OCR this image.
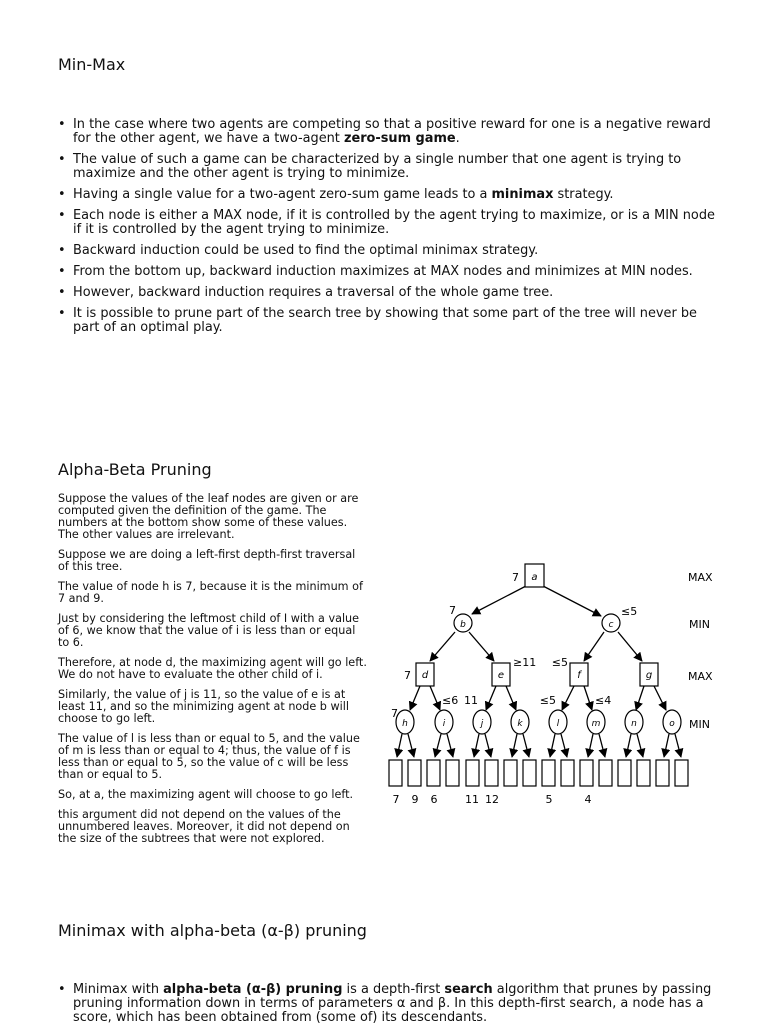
Min-Max
• In the case where two agents are competing so that a positive reward for one is a negative reward for the other agent, we have a two-agent zero-sum game.
• The value of such a game can be characterized by a single number that one agent is trying to maximize and the other agent is trying to minimize.
• Having a single value for a two-agent zero-sum game leads to a minimax strategy.
• Each node is either a MAX node, if it is controlled by the agent trying to maximize, or is a MIN node if it is controlled by the agent trying to minimize.
• Backward induction could be used to find the optimal minimax strategy.
• From the bottom up, backward induction maximizes at MAX nodes and minimizes at MIN nodes.
• However, backward induction requires a traversal of the whole game tree.
• It is possible to prune part of the search tree by showing that some part of the tree will never be part of an optimal play.
Alpha-Beta Pruning

Suppose the values of the leaf nodes are given or are computed given the definition of the game. The numbers at the bottom show some of these values. The other values are irrelevant.

Suppose we are doing a left-first depth-first traversal of this tree.

The value of node h is 7, because it is the minimum of 7 and 9.

Just by considering the leftmost child of I with a value of 6, we know that the value of i is less than or equal to 6.

Therefore, at node d, the maximizing agent will go left. We do not have to evaluate the other child of i.

Similarly, the value of j is 11, so the value of e is at least 11, and so the minimizing agent at node b will choose to go left.

The value of l is less than or equal to 5, and the value of m is less than or equal to 4; thus, the value of f is less than or equal to 5, so the value of c will be less than or equal to 5.

So, at a, the maximizing agent will choose to go left.

this argument did not depend on the values of the unnumbered leaves. Moreover, it did not depend on the size of the subtrees that were not explored.

MAX
MIN
MAX
MIN
a
7
b
7
c
≤5
d
7	e
≥11
f
≤5
g
h
7
i
≤6
j
11
k	l
≤5
m
≤4
n	o
7 9 6	11 12	5	4
Minimax with alpha-beta (α-β) pruning
• Minimax with alpha-beta (α-β) pruning is a depth-first search algorithm that prunes by passing pruning information down in terms of parameters α and β. In this depth-first search, a node has a score, which has been obtained from (some of) its descendants.
